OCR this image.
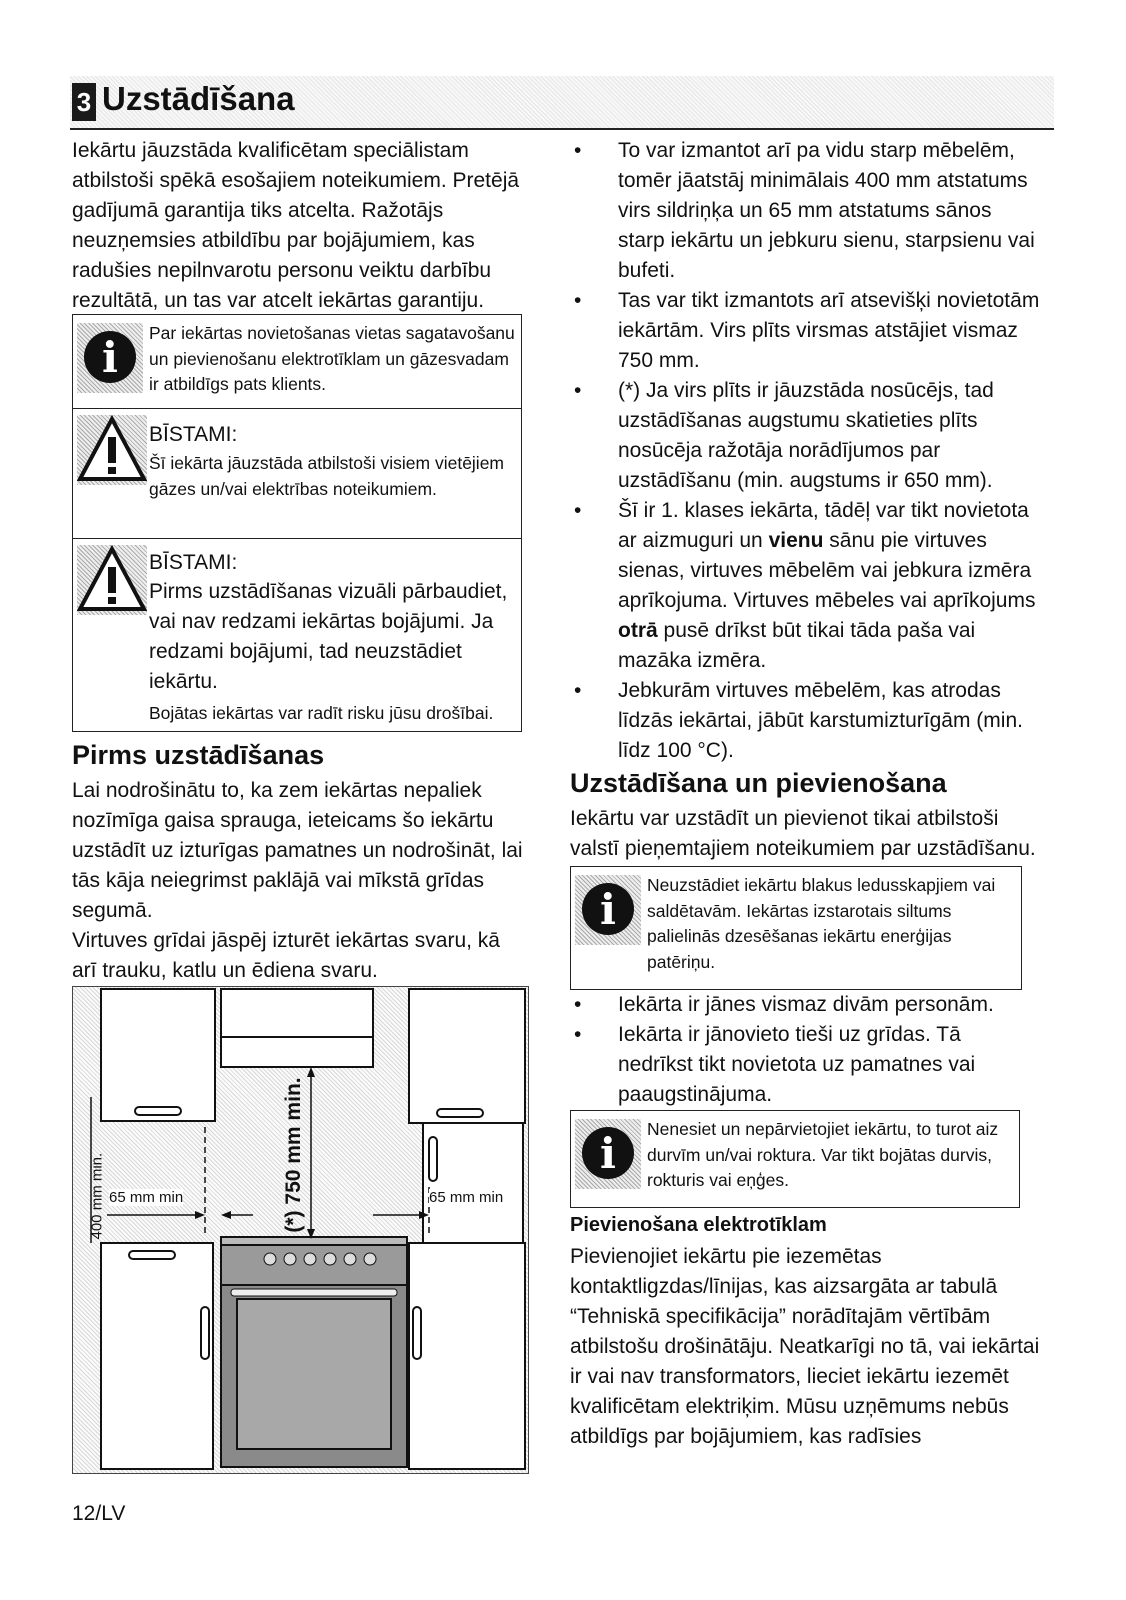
3 Uzstādīšana

Iekārtu jāuzstāda kvalificētam speciālistam atbilstoši spēkā esošajiem noteikumiem. Pretējā gadījumā garantija tiks atcelta. Ražotājs neuzņemsies atbildību par bojājumiem, kas radušies nepilnvarotu personu veiktu darbību rezultātā, un tas var atcelt iekārtas garantiju.

i	Par iekārtas novietošanas vietas sagatavošanu un pievienošanu elektrotīklam un gāzesvadam ir atbildīgs pats klients.
BĪSTAMI:
Šī iekārta jāuzstāda atbilstoši visiem vietējiem gāzes un/vai elektrības noteikumiem.
BĪSTAMI:
Pirms uzstādīšanas vizuāli pārbaudiet, vai nav redzami iekārtas bojājumi. Ja redzami bojājumi, tad neuzstādiet iekārtu.
Bojātas iekārtas var radīt risku jūsu drošībai.
Pirms uzstādīšanas

Lai nodrošinātu to, ka zem iekārtas nepaliek nozīmīga gaisa sprauga, ieteicams šo iekārtu uzstādīt uz izturīgas pamatnes un nodrošināt, lai tās kāja neiegrimst paklājā vai mīkstā grīdas segumā.

Virtuves grīdai jāspēj izturēt iekārtas svaru, kā arī trauku, katlu un ēdiena svaru.

400 mm min. 65 mm min	65 mm min
(*) 750 mm min.
• To var izmantot arī pa vidu starp mēbelēm, tomēr jāatstāj minimālais 400 mm atstatums virs sildriņķa un 65 mm atstatums sānos starp iekārtu un jebkuru sienu, starpsienu vai bufeti.
• Tas var tikt izmantots arī atsevišķi novietotām iekārtām. Virs plīts virsmas atstājiet vismaz 750 mm.
• (*) Ja virs plīts ir jāuzstāda nosūcējs, tad uzstādīšanas augstumu skatieties plīts nosūcēja ražotāja norādījumos par uzstādīšanu (min. augstums ir 650 mm).
• Šī ir 1. klases iekārta, tādēļ var tikt novietota ar aizmuguri un vienu sānu pie virtuves sienas, virtuves mēbelēm vai jebkura izmēra aprīkojuma. Virtuves mēbeles vai aprīkojums otrā pusē drīkst būt tikai tāda paša vai mazāka izmēra.
• Jebkurām virtuves mēbelēm, kas atrodas līdzās iekārtai, jābūt karstumizturīgām (min. līdz 100 °C).
Uzstādīšana un pievienošana
Iekārtu var uzstādīt un pievienot tikai atbilstoši valstī pieņemtajiem noteikumiem par uzstādīšanu.
i	Neuzstādiet iekārtu blakus ledusskapjiem vai saldētavām. Iekārtas izstarotais siltums palielinās dzesēšanas iekārtu enerģijas patēriņu.
• Iekārta ir jānes vismaz divām personām.
• Iekārta ir jānovieto tieši uz grīdas. Tā nedrīkst tikt novietota uz pamatnes vai paaugstinājuma.
i	Nenesiet un nepārvietojiet iekārtu, to turot aiz durvīm un/vai roktura. Var tikt bojātas durvis, rokturis vai eņģes.
Pievienošana elektrotīklam
Pievienojiet iekārtu pie iezemētas kontaktligzdas/līnijas, kas aizsargāta ar tabulā “Tehniskā specifikācija” norādītajām vērtībām atbilstošu drošinātāju. Neatkarīgi no tā, vai iekārtai ir vai nav transformators, lieciet iekārtu iezemēt kvalificētam elektriķim. Mūsu uzņēmums nebūs atbildīgs par bojājumiem, kas radīsies
12/LV
